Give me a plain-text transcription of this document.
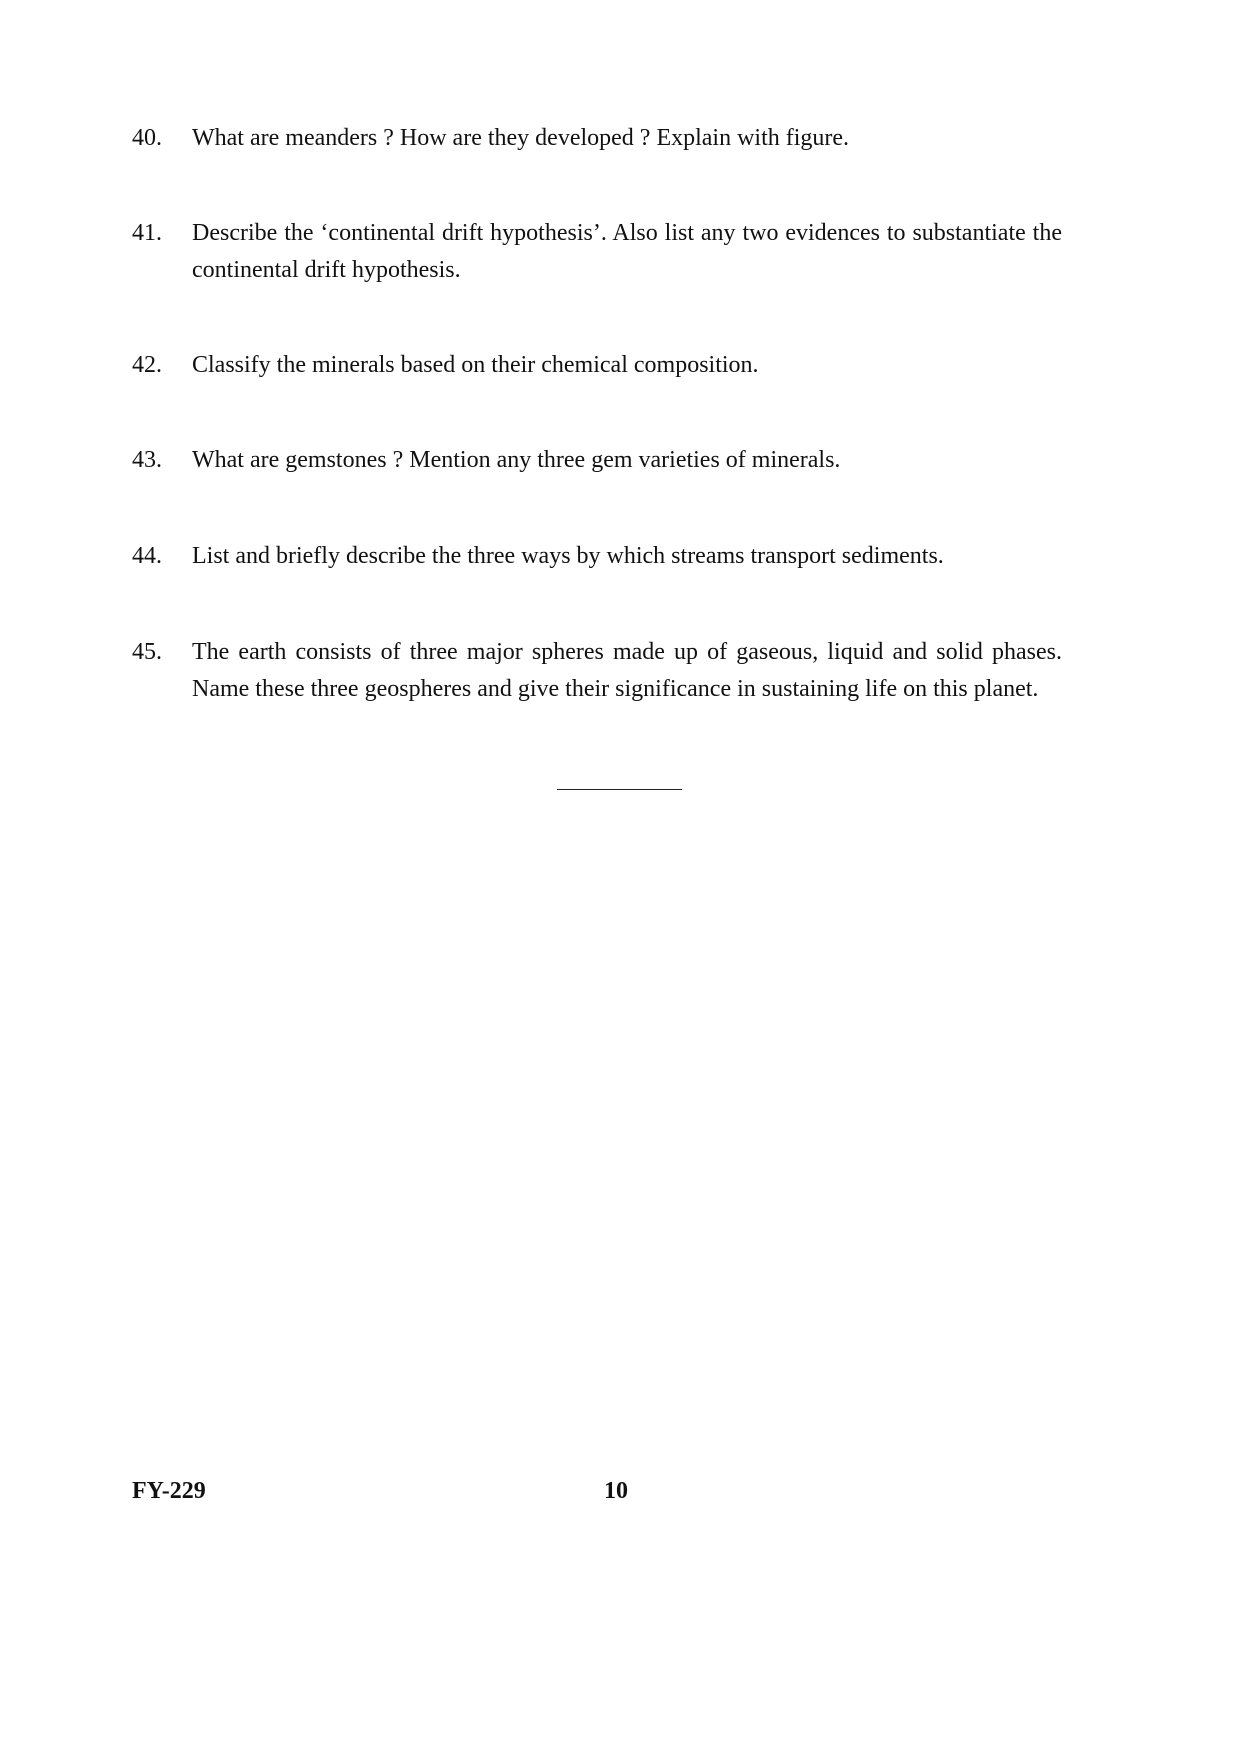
40.	What are meanders ? How are they developed ? Explain with figure.
41.	Describe the ‘continental drift hypothesis’. Also list any two evidences to substantiate the continental drift hypothesis.
42.	Classify the minerals based on their chemical composition.
43.	What are gemstones ? Mention any three gem varieties of minerals.
44.	List and briefly describe the three ways by which streams transport sediments.
45.	The earth consists of three major spheres made up of gaseous, liquid and solid phases. Name these three geospheres and give their significance in sustaining life on this planet.
FY-229	10
